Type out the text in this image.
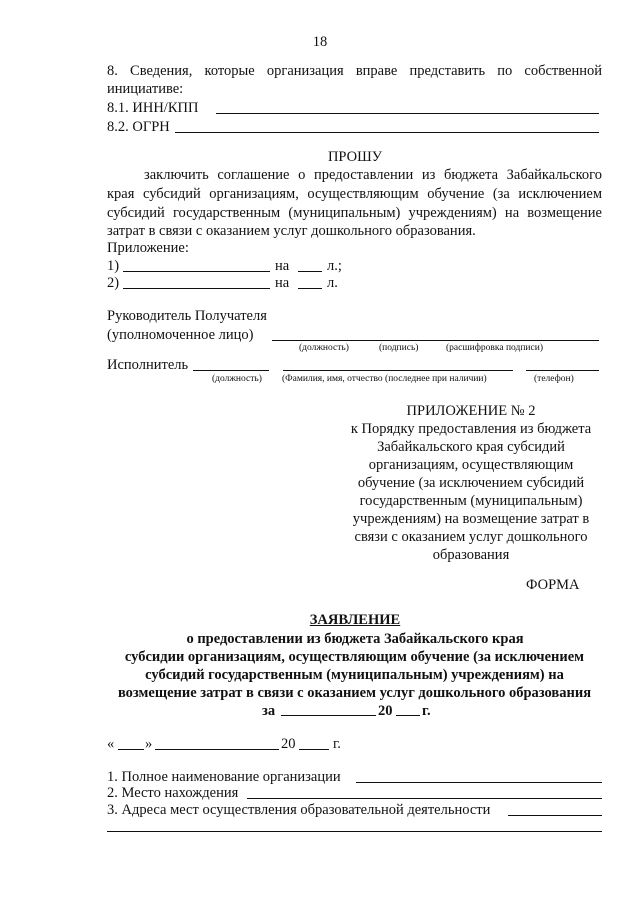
18
8. Сведения, которые организация вправе представить по собственной
инициативе:
8.1. ИНН/КПП
8.2. ОГРН
ПРОШУ
заключить соглашение о предоставлении из бюджета Забайкальского
края субсидий организациям, осуществляющим обучение (за исключением
субсидий государственным (муниципальным) учреждениям) на возмещение
затрат в связи с оказанием услуг дошкольного образования.
Приложение:
1)	на	л.;
2)	на	л.
Руководитель Получателя
(уполномоченное лицо)
(должность)	(подпись)	(расшифровка подписи)
Исполнитель
(должность) (Фамилия, имя, отчество (последнее при наличии)	(телефон)
ПРИЛОЖЕНИЕ № 2
к Порядку предоставления из бюджета
Забайкальского края субсидий
организациям, осуществляющим
обучение (за исключением субсидий
государственным (муниципальным)
учреждениям) на возмещение затрат в
связи с оказанием услуг дошкольного
образования
ФОРМА
ЗАЯВЛЕНИЕ
о предоставлении из бюджета Забайкальского края
субсидии организациям, осуществляющим обучение (за исключением
субсидий государственным (муниципальным) учреждениям) на
возмещение затрат в связи с оказанием услуг дошкольного образования
за	20 г.
« »	20	г.
1. Полное наименование организации
2. Место нахождения
3. Адреса мест осуществления образовательной деятельности
